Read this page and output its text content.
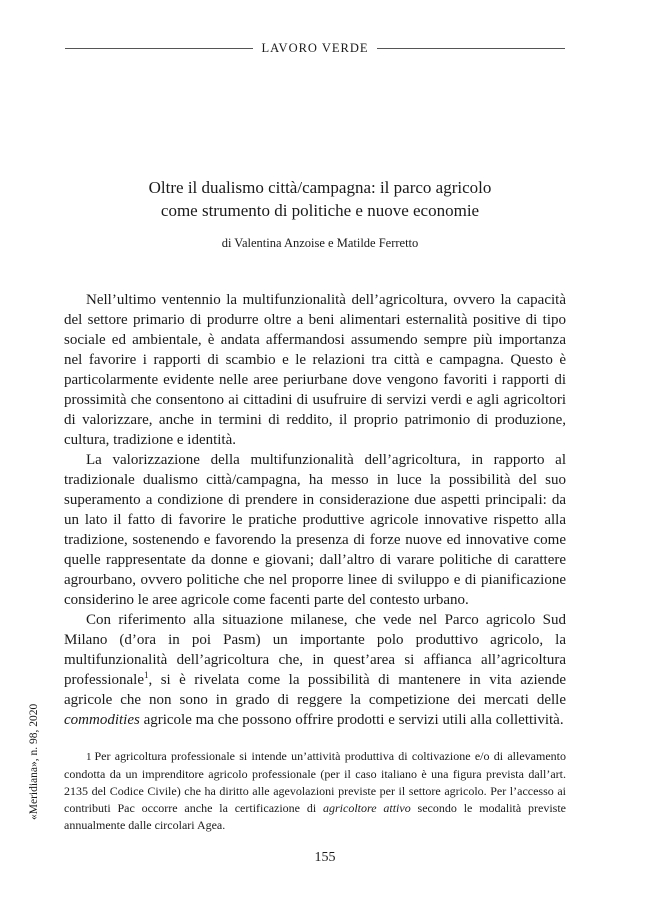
LAVORO VERDE
Oltre il dualismo città/campagna: il parco agricolo
come strumento di politiche e nuove economie
di Valentina Anzoise e Matilde Ferretto

Nell’ultimo ventennio la multifunzionalità dell’agricoltura, ovvero la capacità del settore primario di produrre oltre a beni alimentari esternalità positive di tipo sociale ed ambientale, è andata affermandosi assumendo sempre più importanza nel favorire i rapporti di scambio e le relazioni tra città e campagna. Questo è particolarmente evidente nelle aree periurbane dove vengono favoriti i rapporti di prossimità che consentono ai cittadini di usufruire di servizi verdi e agli agricoltori di valorizzare, anche in termini di reddito, il proprio patrimonio di produzione, cultura, tradizione e identità.

La valorizzazione della multifunzionalità dell’agricoltura, in rapporto al tradizionale dualismo città/campagna, ha messo in luce la possibilità del suo superamento a condizione di prendere in considerazione due aspetti principali: da un lato il fatto di favorire le pratiche produttive agricole innovative rispetto alla tradizione, sostenendo e favorendo la presenza di forze nuove ed innovative come quelle rappresentate da donne e giovani; dall’altro di varare politiche di carattere agrourbano, ovvero politiche che nel proporre linee di sviluppo e di pianificazione considerino le aree agricole come facenti parte del contesto urbano.

Con riferimento alla situazione milanese, che vede nel Parco agricolo Sud Milano (d’ora in poi Pasm) un importante polo produttivo agricolo, la multifunzionalità dell’agricoltura che, in quest’area si affianca all’agricoltura professionale$^1$, si è rivelata come la possibilità di mantenere in vita aziende agricole che non sono in grado di reggere la competizione dei mercati delle commodities agricole ma che possono offrire prodotti e servizi utili alla collettività.

1 Per agricoltura professionale si intende un’attività produttiva di coltivazione e/o di allevamento condotta da un imprenditore agricolo professionale (per il caso italiano è una figura prevista dall’art. 2135 del Codice Civile) che ha diritto alle agevolazioni previste per il settore agricolo. Per l’accesso ai contributi Pac occorre anche la certificazione di agricoltore attivo secondo le modalità previste annualmente dalle circolari Agea.

155
«Meridiana», n. 98, 2020
